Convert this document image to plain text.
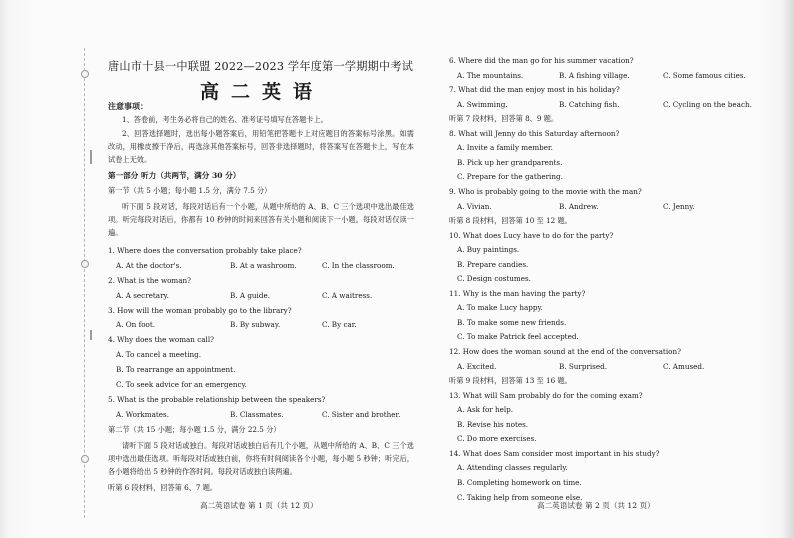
唐山市十县一中联盟 2022—2023 学年度第一学期期中考试
高二英语
注意事项：
1、答卷前，考生务必将自己的姓名、准考证号填写在答题卡上。
2、回答选择题时，选出每小题答案后，用铅笔把答题卡上对应题目的答案标号涂黑。如需改动，用橡皮擦干净后，再选涂其他答案标号，回答非选择题时，将答案写在答题卡上，写在本试卷上无效。
第一部分 听力（共两节，满分 30 分）
第一节（共 5 小题；每小题 1.5 分，满分 7.5 分）
听下面 5 段对话，每段对话后有一个小题，从题中所给的 A、B、C 三个选项中选出最佳选项。听完每段对话后，你都有 10 秒钟的时间来回答有关小题和阅读下一小题。每段对话仅读一遍。
1. Where does the conversation probably take place?
A. At the doctor's.	B. At a washroom.	C. In the classroom.
2. What is the woman?
A. A secretary.	B. A guide.	C. A waitress.
3. How will the woman probably go to the library?
A. On foot.	B. By subway.	C. By car.
4. Why does the woman call?
A. To cancel a meeting.
B. To rearrange an appointment.
C. To seek advice for an emergency.
5. What is the probable relationship between the speakers?
A. Workmates.	B. Classmates.	C. Sister and brother.
第二节（共 15 小题；每小题 1.5 分，满分 22.5 分）
请听下面 5 段对话或独白。每段对话或独白后有几个小题，从题中所给的 A、B、C 三个选项中选出最佳选项。听每段对话或独白前，你将有时间阅读各个小题，每小题 5 秒钟；听完后，各小题将给出 5 秒钟的作答时间。每段对话或独白读两遍。
听第 6 段材料，回答第 6、7 题。
高二英语试卷 第 1 页（共 12 页）	高二英语试卷 第 2 页（共 12 页）
6. Where did the man go for his summer vacation?
A. The mountains.	B. A fishing village.	C. Some famous cities.
7. What did the man enjoy most in his holiday?
A. Swimming.	B. Catching fish.	C. Cycling on the beach.
听第 7 段材料，回答第 8、9 题。
8. What will Jenny do this Saturday afternoon?
A. Invite a family member.
B. Pick up her grandparents.
C. Prepare for the gathering.
9. Who is probably going to the movie with the man?
A. Vivian.	B. Andrew.	C. Jenny.
听第 8 段材料，回答第 10 至 12 题。
10. What does Lucy have to do for the party?
A. Buy paintings.
B. Prepare candies.
C. Design costumes.
11. Why is the man having the party?
A. To make Lucy happy.
B. To make some new friends.
C. To make Patrick feel accepted.
12. How does the woman sound at the end of the conversation?
A. Excited.	B. Surprised.	C. Amused.
听第 9 段材料，回答第 13 至 16 题。
13. What will Sam probably do for the coming exam?
A. Ask for help.
B. Revise his notes.
C. Do more exercises.
14. What does Sam consider most important in his study?
A. Attending classes regularly.
B. Completing homework on time.
C. Taking help from someone else.
